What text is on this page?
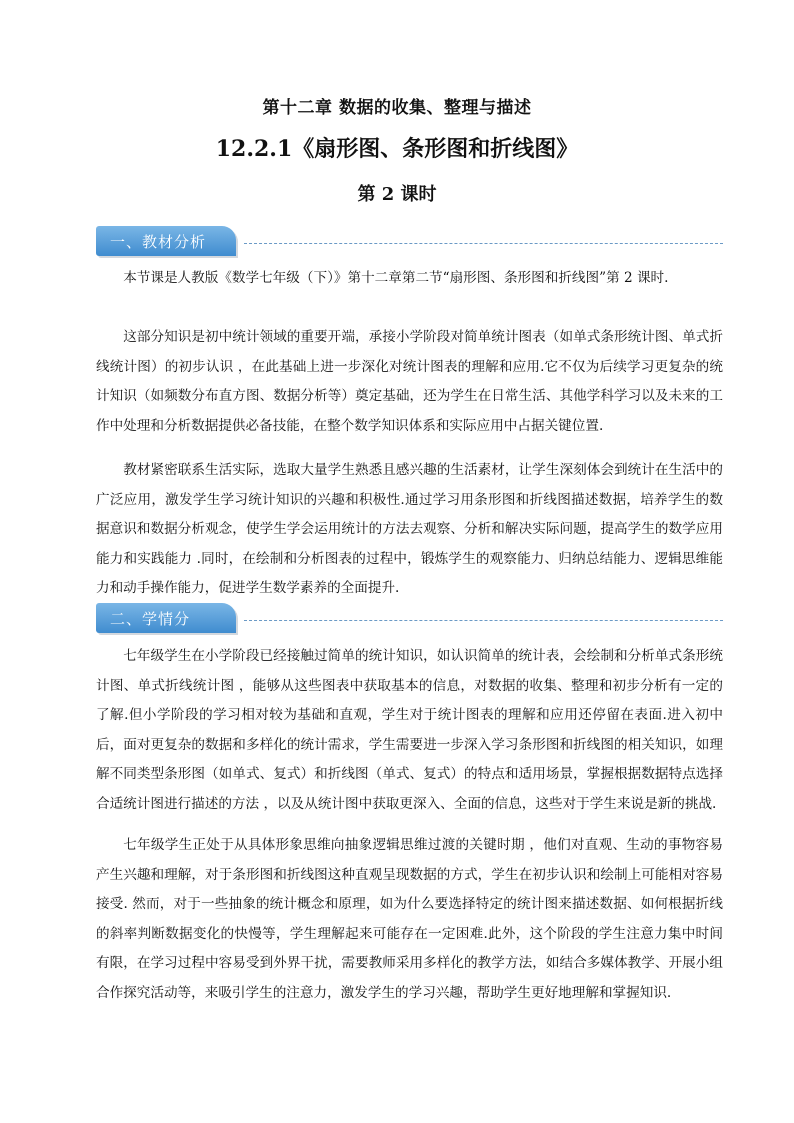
第十二章 数据的收集、整理与描述
12.2.1《扇形图、条形图和折线图》
第 2 课时
一、教材分析

本节课是人教版《数学七年级（下）》第十二章第二节“扇形图、条形图和折线图”第 2 课时.

这部分知识是初中统计领域的重要开端，承接小学阶段对简单统计图表（如单式条形统计图、单式折线统计图）的初步认识 ，在此基础上进一步深化对统计图表的理解和应用.它不仅为后续学习更复杂的统计知识（如频数分布直方图、数据分析等）奠定基础，还为学生在日常生活、其他学科学习以及未来的工作中处理和分析数据提供必备技能，在整个数学知识体系和实际应用中占据关键位置.

教材紧密联系生活实际，选取大量学生熟悉且感兴趣的生活素材，让学生深刻体会到统计在生活中的广泛应用，激发学生学习统计知识的兴趣和积极性.通过学习用条形图和折线图描述数据，培养学生的数据意识和数据分析观念，使学生学会运用统计的方法去观察、分析和解决实际问题，提高学生的数学应用能力和实践能力 .同时，在绘制和分析图表的过程中，锻炼学生的观察能力、归纳总结能力、逻辑思维能力和动手操作能力，促进学生数学素养的全面提升.

二、学情分

七年级学生在小学阶段已经接触过简单的统计知识，如认识简单的统计表，会绘制和分析单式条形统计图、单式折线统计图 ，能够从这些图表中获取基本的信息，对数据的收集、整理和初步分析有一定的了解.但小学阶段的学习相对较为基础和直观，学生对于统计图表的理解和应用还停留在表面.进入初中后，面对更复杂的数据和多样化的统计需求，学生需要进一步深入学习条形图和折线图的相关知识，如理解不同类型条形图（如单式、复式）和折线图（单式、复式）的特点和适用场景，掌握根据数据特点选择合适统计图进行描述的方法 ，以及从统计图中获取更深入、全面的信息，这些对于学生来说是新的挑战.

七年级学生正处于从具体形象思维向抽象逻辑思维过渡的关键时期 ，他们对直观、生动的事物容易产生兴趣和理解，对于条形图和折线图这种直观呈现数据的方式，学生在初步认识和绘制上可能相对容易接受. 然而，对于一些抽象的统计概念和原理，如为什么要选择特定的统计图来描述数据、如何根据折线的斜率判断数据变化的快慢等，学生理解起来可能存在一定困难.此外，这个阶段的学生注意力集中时间有限，在学习过程中容易受到外界干扰，需要教师采用多样化的教学方法，如结合多媒体教学、开展小组合作探究活动等，来吸引学生的注意力，激发学生的学习兴趣，帮助学生更好地理解和掌握知识.
